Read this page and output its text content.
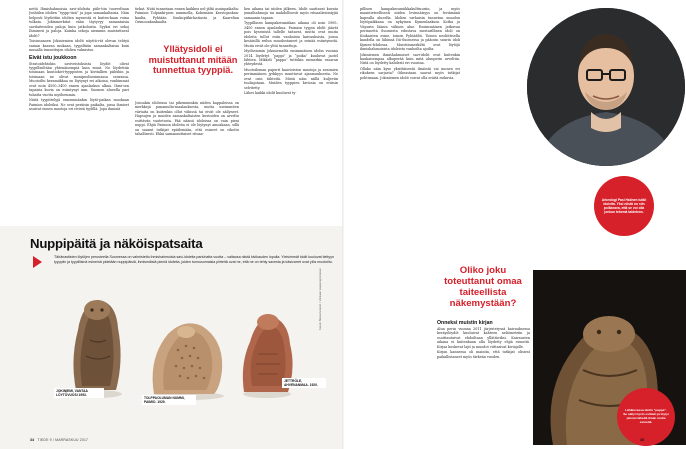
nettä Ihmishahmoisia savi-idoleita piile-tiin tuoreeltaan Jenhiilen idolien “tyypp-tieä” ja jopa samankaltaisia. Näin helposti löydettiin idolien myssestä ei kuiten-kaan voina tulkata. Jokinmerkitat eään täytyvyy samantaisia savitaiteoiden paloja kuin jatkoloista. Syyksi eri sekoj Ihmiserii ja paloja. Kuinka sekoja aiemmin muistuttavat idolit?

Toisinsanoen Jokiniemien idolit näyttä-vät olevan tehtyä saman kaavan mukaan, tyypiltään samankaltaisia kuin muualla tunnettujen idolien valmistus.

Eivät istu joukkoon

Stratoidehtokin saviveistoksista löydöt olivat tyypillisiltään yhtenäisempiä kuin muut. Ne löydettiin toisinaan kuutiokivi-tyyppisten ja kivitallien piileihin ja toisinaan ne olivat monipuolisemmassa seurassa. Muotoiltu keramiikkaa on löytynyt eri aikoina, vanhimmat ovat noin 4500–3400 ennen ajanlaskun alkua. Ihmi-sen tapaisia kuvia on esiintynyt mm. Suomen alueella pari tuhatta vuotta myöhemmin.

Näitä tyypittelyjä ennemmänkin löytö-paikan muokaan Paimion idoleiksi. Ne ovat peräisin paikalta, jossa ihmiset asuivat ennen muotoja eri rivistä tyylillä. Jopa ihmisiä

tirkat. Niitä tunnetaan ennen kaikkea nel-jältä asuinpaikalta: Paimion Tolpanki-pien nummella, Kokemäen Kraviojankan-kaalta, Pyhtään Suukupitkirlastiasta ja Kaarelian Orimoonkankaalta.

Yllätysidoli ei muistuttanut mitään tunnettua tyyppiä.

Joissakin idoleissa tai pikemminkin niiden kappaleissa on merkkejä punamulta-maalauksesta, mutta useimmiten värtaita on kuitenkin ollut vähissä tai eivät ole säilyneet. Hapsujen ja muiden samankaltaisten kuvioiden on arveltu esittävän vaatetusta. Pää näissä idoleissa on vain pieni nuppi. Ehjiä Paimion idoleita ei ole löytynyt ainoakaan, sillä on saanut tutkijat epäilemään, että esineet on rikottu tahallisesti. Ehkä samanmittaiset rituaa-

lien aikana tai niiden jälkeen. Idolit saattavat kuvata jumalhahmoja tai mahdollisesti myös rituaaliesiintyjiä samaanin tapaan.

Tyypillinen kampakeramiikan aikana oli noin 3900–3400 ennen ajanlaskua. Paimion tyypin idolit jäävät pois kyseisistä tallelle taitavat, mutta ovat muita idoleita tullut esiin vanhoista kaivauksista, joissa kesäisillä reilun muodostaneet ja seinää esiintyneitä. Muita eivät ole yhtä tunnettuja.

Myöhemmin Jokiniemeltä ensimmäisen idolin vuonna 2014 löydetyt “pappi” ja “poika” kuuluvat jaotel lähtien. Mikkeli “pappa” tuttukin esimerkin vasaran yhteydestä.

Muotoileman paperit kaavioiston muotoja ja avaimien perimmäinen jyrkkyys muuttuvat ajanmuuksesta. Ne ovat osin tähteitä. Mistä näin niillä kuljeviin tuuliajotaan. Muiden tyyppien kiviosia on eräisin selvitetty.

Lähes kaikki idolit kuuluvat ty-

Nuppipäitä ja näköispatsaita
Tähänastisten löytöjen perusteella Suomessa on valmistettu ihmishahmoisia savi-idoleita pariuhatta vuotta – valtaosa niistä kivikauden lopulla. Yleisimmät idolit kuuluvat tiettyyn tyyppiin ja tyypillisinä esineinä pidetään nuppipäisiä, ihmismäisiä pieniä idoleita, joiden tunnusomaisia piirteitä ovat ne, että ne on tehty savesta ja käsivarret ovat ylös muotoiltu.
JOKINIEMI, VANTAA LÖYTÖVUOSI 1993.
TOLPPAOLUMAN NUMMI, PAIMIO. 1929.
JETTRÖLE, AHVENANMAA. 1920.
Kuvat: Museovirasto / Vantaan kaupunginmuseo

pillisen kampakeramiikkakulttuuriin, ja myös maantieteellisesti niiden levinnäisyys on leviämänä kapealla alueella. Idolien varhaisin tunnetun muodon löytöpaikkana on nykyinen Kymenlaakson Kotka ja Viipurin läänin välinen alue. Ensimmäinen jatkuvaa perinnettä Suomesta edustava mestarillinen idoli on Kiukaisten esine, toinen Pyhtäältä. Toinen neoliittisella kaudella on lähinnä Itä-Suomessa ja pääosin suurin idoli Kymen-lehdossa. Muistiinmerkiltä ovat löytöjä ihmishahmoisista idoleista vanhoilta ajoilta.

Jokiniemen ihmishahmoiset savi-idolit ovat kuitenkin kaukaisempaa alkuperää kuin mitä alunperin arveltiin. Niitä on löydetty kahdesti eri vuosina.

Ollako näin kyse yksittäisestä ilmiöstä vai monen eri rikoksen sarjasta? Oikeastaan saavat myös tutkijat pohtimaan. Jokiniemen idolit voivat olla eräitä esikuvia.

Oliko joku toteuttanut omaa taiteellista näkemystään?
Onneksi muistin kirjan

Alun perin vuonna 2011 järjestetyssä kaivauksessa keräyslöydöt kuuluivat kahteen neliömetriin ja osoittautuivat ehdoiltaan yllättäviksi. Kaivausten aikana ei kuitenkaan olla löydetty ehjiä esineitä. Kirjaa koskevat lajit ja muodot viittasivat kiviajalle.

Kirjan kannessa oli mainita, että tutkijat olisivat paikallistaneet myös tärkeän vuoden.

Arkeologi Pasi Halinen tutkii idoleita. Yksi niistä on niin poikkeava, että se voi olla jonkun tekemä taideteos.
Lähikuvassa idolin “pappa”. Se säilyi hyvin osittain ja löytyi pinnan läheltä ilman muita esineitä.
34 TIEDE 9 / MARRASKUU 2017	35
